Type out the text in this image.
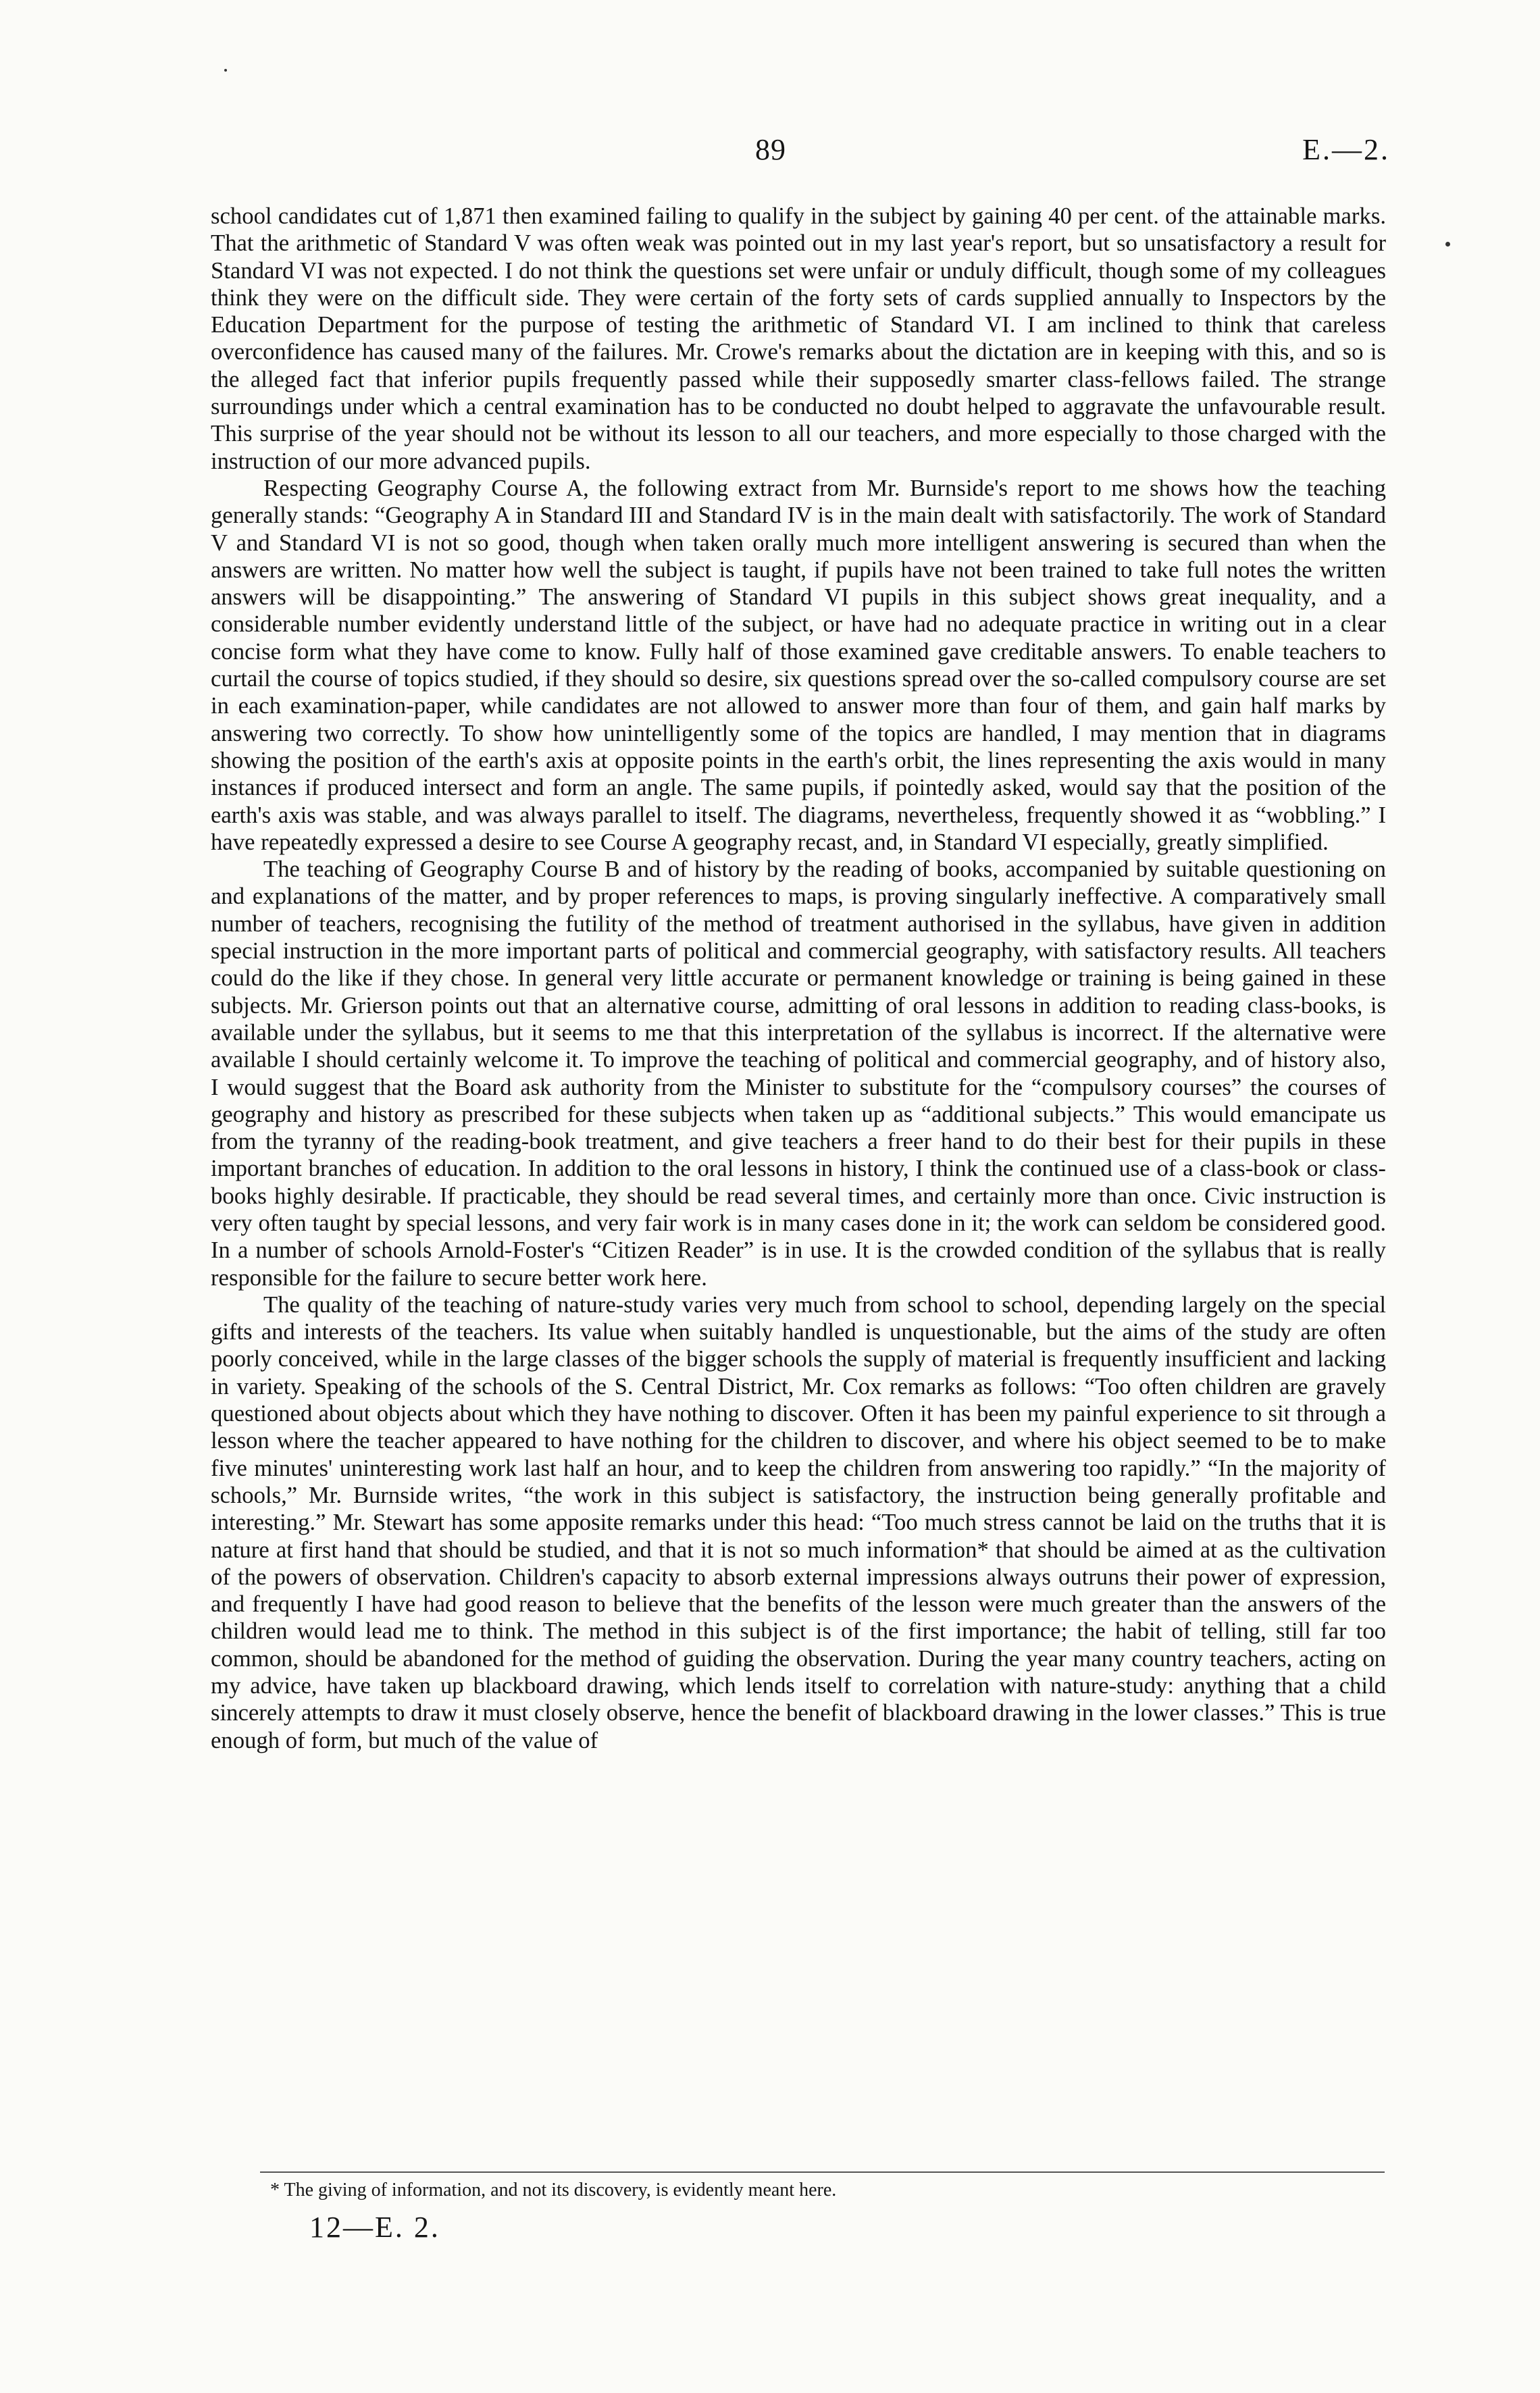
89	E.—2.

school candidates cut of 1,871 then examined failing to qualify in the subject by gaining 40 per cent. of the attainable marks. That the arithmetic of Standard V was often weak was pointed out in my last year's report, but so unsatisfactory a result for Standard VI was not expected. I do not think the questions set were unfair or unduly difficult, though some of my colleagues think they were on the difficult side. They were certain of the forty sets of cards supplied annually to Inspectors by the Education Department for the purpose of testing the arithmetic of Standard VI. I am inclined to think that careless overconfidence has caused many of the failures. Mr. Crowe's remarks about the dictation are in keeping with this, and so is the alleged fact that inferior pupils frequently passed while their supposedly smarter class-fellows failed. The strange surroundings under which a central examination has to be conducted no doubt helped to aggravate the unfavourable result. This surprise of the year should not be without its lesson to all our teachers, and more especially to those charged with the instruction of our more advanced pupils.

Respecting Geography Course A, the following extract from Mr. Burnside's report to me shows how the teaching generally stands: “Geography A in Standard III and Standard IV is in the main dealt with satisfactorily. The work of Standard V and Standard VI is not so good, though when taken orally much more intelligent answering is secured than when the answers are written. No matter how well the subject is taught, if pupils have not been trained to take full notes the written answers will be disappointing.” The answering of Standard VI pupils in this subject shows great inequality, and a considerable number evidently understand little of the subject, or have had no adequate practice in writing out in a clear concise form what they have come to know. Fully half of those examined gave creditable answers. To enable teachers to curtail the course of topics studied, if they should so desire, six questions spread over the so-called compulsory course are set in each examination-paper, while candidates are not allowed to answer more than four of them, and gain half marks by answering two correctly. To show how unintelligently some of the topics are handled, I may mention that in diagrams showing the position of the earth's axis at opposite points in the earth's orbit, the lines representing the axis would in many instances if produced intersect and form an angle. The same pupils, if pointedly asked, would say that the position of the earth's axis was stable, and was always parallel to itself. The diagrams, nevertheless, frequently showed it as “wobbling.” I have repeatedly expressed a desire to see Course A geography recast, and, in Standard VI especially, greatly simplified.

The teaching of Geography Course B and of history by the reading of books, accompanied by suitable questioning on and explanations of the matter, and by proper references to maps, is proving singularly ineffective. A comparatively small number of teachers, recognising the futility of the method of treatment authorised in the syllabus, have given in addition special instruction in the more important parts of political and commercial geography, with satisfactory results. All teachers could do the like if they chose. In general very little accurate or permanent knowledge or training is being gained in these subjects. Mr. Grierson points out that an alternative course, admitting of oral lessons in addition to reading class-books, is available under the syllabus, but it seems to me that this interpretation of the syllabus is incorrect. If the alternative were available I should certainly welcome it. To improve the teaching of political and commercial geography, and of history also, I would suggest that the Board ask authority from the Minister to substitute for the “compulsory courses” the courses of geography and history as prescribed for these subjects when taken up as “additional subjects.” This would emancipate us from the tyranny of the reading-book treatment, and give teachers a freer hand to do their best for their pupils in these important branches of education. In addition to the oral lessons in history, I think the continued use of a class-book or class-books highly desirable. If practicable, they should be read several times, and certainly more than once. Civic instruction is very often taught by special lessons, and very fair work is in many cases done in it; the work can seldom be considered good. In a number of schools Arnold-Foster's “Citizen Reader” is in use. It is the crowded condition of the syllabus that is really responsible for the failure to secure better work here.

The quality of the teaching of nature-study varies very much from school to school, depending largely on the special gifts and interests of the teachers. Its value when suitably handled is unquestionable, but the aims of the study are often poorly conceived, while in the large classes of the bigger schools the supply of material is frequently insufficient and lacking in variety. Speaking of the schools of the S. Central District, Mr. Cox remarks as follows: “Too often children are gravely questioned about objects about which they have nothing to discover. Often it has been my painful experience to sit through a lesson where the teacher appeared to have nothing for the children to discover, and where his object seemed to be to make five minutes' uninteresting work last half an hour, and to keep the children from answering too rapidly.” “In the majority of schools,” Mr. Burnside writes, “the work in this subject is satisfactory, the instruction being generally profitable and interesting.” Mr. Stewart has some apposite remarks under this head: “Too much stress cannot be laid on the truths that it is nature at first hand that should be studied, and that it is not so much information* that should be aimed at as the cultivation of the powers of observation. Children's capacity to absorb external impressions always outruns their power of expression, and frequently I have had good reason to believe that the benefits of the lesson were much greater than the answers of the children would lead me to think. The method in this subject is of the first importance; the habit of telling, still far too common, should be abandoned for the method of guiding the observation. During the year many country teachers, acting on my advice, have taken up blackboard drawing, which lends itself to correlation with nature-study: anything that a child sincerely attempts to draw it must closely observe, hence the benefit of blackboard drawing in the lower classes.” This is true enough of form, but much of the value of

* The giving of information, and not its discovery, is evidently meant here.
12—E. 2.
